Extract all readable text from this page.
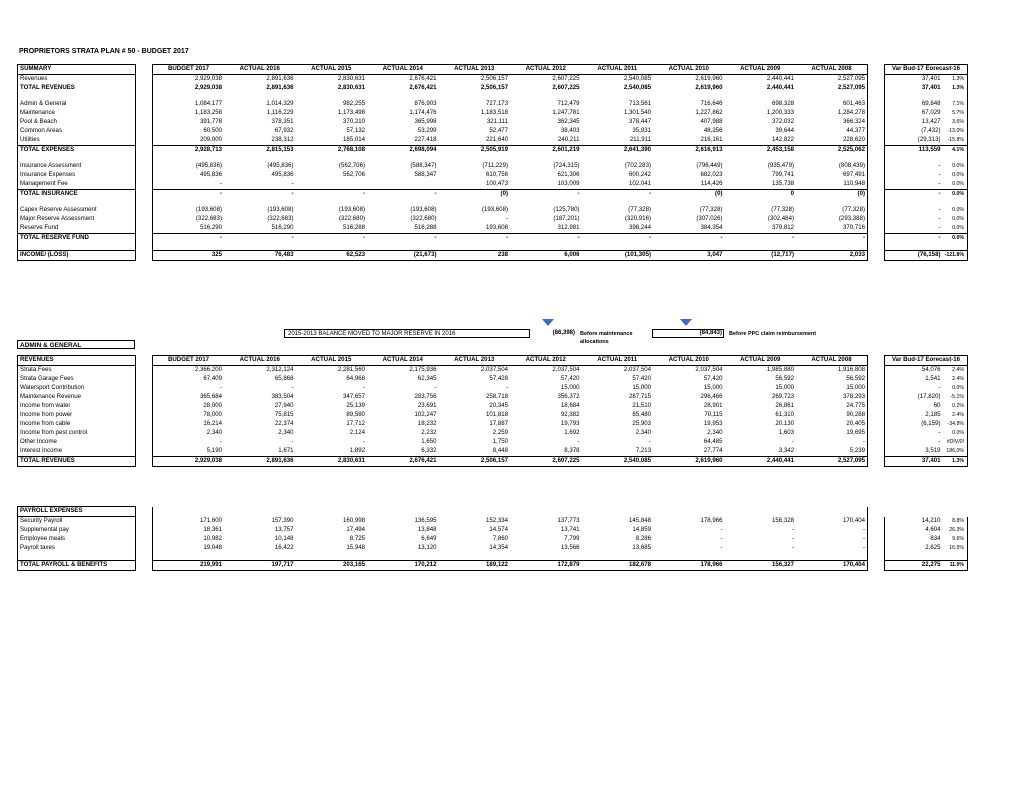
PROPRIETORS STRATA PLAN # 50 - BUDGET 2017
SUMMARY		BUDGET 2017	ACTUAL 2016	ACTUAL 2015	ACTUAL 2014	ACTUAL 2013	ACTUAL 2012	ACTUAL 2011	ACTUAL 2010	ACTUAL 2009	ACTUAL 2008		Var Bud-17 Eorecast-16	
Revenues		2,929,038	2,891,636	2,830,631	2,676,421	2,506,157	2,607,225	2,540,085	2,619,960	2,440,441	2,527,095		37,401	1.3%
TOTAL REVENUES		2,929,038	2,891,636	2,830,631	2,676,421	2,506,157	2,607,225	2,540,085	2,619,960	2,440,441	2,527,095		37,401	1.3%

Admin & General		1,084,177	1,014,329	982,255	876,903	727,173	712,479	713,561	716,646	698,328	601,463		69,848	7.1%
Maintenance		1,183,258	1,116,229	1,173,498	1,174,476	1,183,518	1,247,781	1,301,540	1,227,862	1,200,333	1,284,278		67,029	5.7%
Pool & Beach		391,778	378,351	370,210	365,998	321,111	362,345	378,447	407,988	372,032	366,324		13,427	3.6%
Common Areas		60,500	67,932	57,132	53,299	52,477	38,403	35,931	48,256	39,644	44,377		(7,432)	-13.0%
Utilities		209,000	238,312	185,014	227,418	221,640	240,211	211,911	216,161	142,822	228,620		(29,313)	-15.8%
TOTAL EXPENSES		2,928,713	2,815,153	2,768,108	2,698,094	2,505,919	2,601,219	2,641,390	2,616,913	2,453,158	2,525,062		113,559	4.1%

Insurance Assessment		(495,836)	(495,836)	(562,706)	(588,347)	(711,229)	(724,315)	(702,283)	(796,449)	(935,479)	(808,439)		-	0.0%
Insurance Expenses		495,836	495,836	562,706	588,347	610,756	621,306	600,242	682,023	799,741	697,491		-	0.0%
Management Fee		-	-			100,473	103,009	102,041	114,426	135,738	110,948		-	0.0%
TOTAL INSURANCE		-	-	-	-	(0)	-	-	(0)	0	(0)		-	0.0%

Capex Reserve Assessment		(193,608)	(193,608)	(193,608)	(193,608)	(193,608)	(125,780)	(77,328)	(77,328)	(77,328)	(77,328)		-	0.0%
Major Reserve Assessment		(322,683)	(322,683)	(322,680)	(322,680)	-	(187,201)	(320,916)	(307,026)	(302,484)	(293,388)		-	0.0%
Reserve Fund		516,290	516,290	516,288	516,288	193,608	312,981	398,244	384,354	379,812	370,716		-	0.0%
TOTAL RESERVE FUND		-	-	-	-	-	-	-	-	-	-		-	0.0%

INCOME/ (LOSS)		325	76,483	62,523	(21,673)	238	6,006	(101,305)	3,047	(12,717)	2,033		(76,158)	-121.8%
2015-2013 BALANCE MOVED TO MAJOR RESERVE IN 2016	(86,398) Before maintenance allocations
(84,843) Before PPC claim reimbursement
ADMIN & GENERAL
REVENUES		BUDGET 2017	ACTUAL 2016	ACTUAL 2015	ACTUAL 2014	ACTUAL 2013	ACTUAL 2012	ACTUAL 2011	ACTUAL 2010	ACTUAL 2009	ACTUAL 2008		Var Bud-17 Eorecast-16	
Strata Fees		2,366,200	2,312,124	2,281,560	2,175,936	2,037,504	2,037,504	2,037,504	2,037,504	1,985,880	1,916,808		54,076	2.4%
Strata Garage Fees		67,409	65,868	64,968	62,345	57,428	57,420	57,420	57,420	56,592	56,592		1,541	2.4%
Watersport Contribution		-	-	-	-	-	15,000	15,000	15,000	15,000	15,000		-	0.0%
Maintenance Revenue		365,684	383,504	347,657	283,756	258,718	356,372	287,715	296,466	269,723	378,293		(17,820)	-5.1%
Income from water		28,000	27,940	25,139	23,691	20,345	18,684	21,510	28,901	26,861	24,775		60	0.2%
Income from power		78,000	75,815	89,580	102,247	101,818	92,382	85,480	70,115	61,310	90,288		2,185	2.4%
Income from cable		16,214	22,374	17,712	18,232	17,887	19,793	25,903	19,953	20,130	20,405		(6,159)	-34.8%
Income from pest control		2,340	2,340	2,124	2,232	2,259	1,692	2,340	2,340	1,603	19,695		-	0.0%
Other Income		-	-	-	1,650	1,750	-	-	64,485	-	-		-	#DIV/0!
Interest Income		5,190	1,671	1,892	6,332	8,448	8,378	7,213	27,774	3,342	5,239		3,519	186.0%
TOTAL REVENUES		2,929,038	2,891,636	2,830,631	2,676,421	2,506,157	2,607,225	2,540,085	2,619,960	2,440,441	2,527,095		37,401	1.3%
PAYROLL EXPENSES														
Security Payroll		171,600	157,390	160,998	136,595	152,334	137,773	145,848	178,966	156,328	170,404		14,210	8.8%
Supplemental pay		18,361	13,757	17,494	13,848	14,574	13,741	14,859	-	-	-		4,604	26.3%
Employee meals		10,982	10,148	8,725	6,649	7,860	7,799	8,286	-	-	-		834	9.6%
Payroll taxes		19,048	16,422	15,948	13,120	14,354	13,566	13,685	-	-	-		2,625	16.5%

TOTAL PAYROLL & BENEFITS		219,991	197,717	203,165	170,212	189,122	172,879	182,678	178,966	156,327	170,404		22,275	11.0%
